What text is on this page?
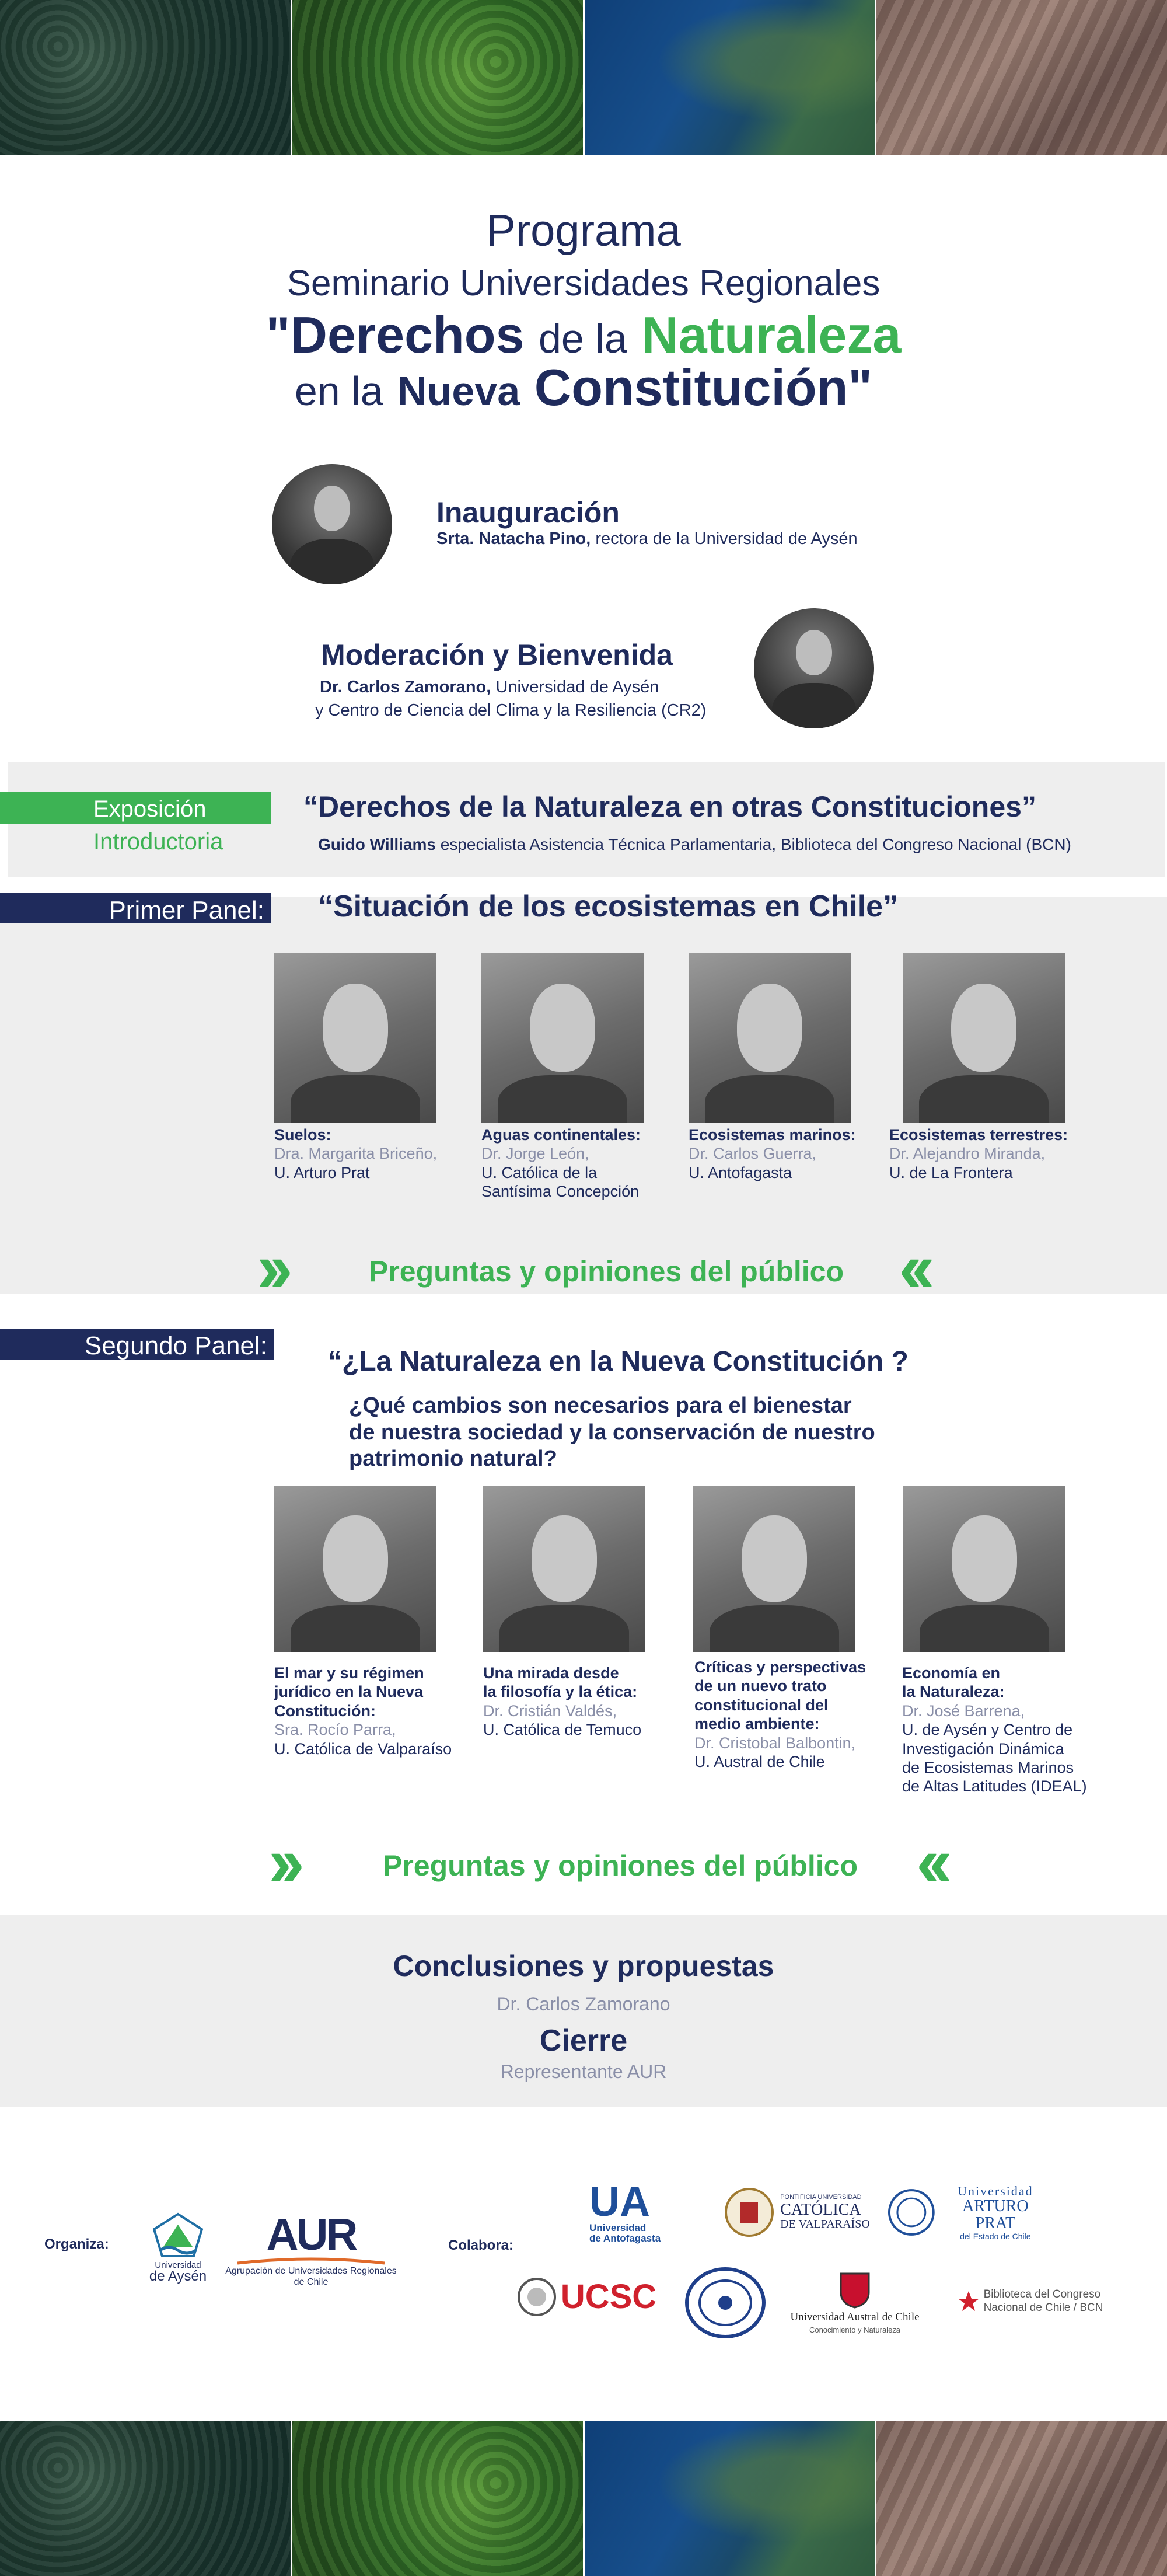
Programa
Seminario Universidades Regionales
"Derechos de la Naturaleza
en la Nueva Constitución"
Inauguración
Srta. Natacha Pino, rectora de la Universidad de Aysén
Moderación y Bienvenida
Dr. Carlos Zamorano, Universidad de Aysén
y Centro de Ciencia del Clima y la Resiliencia (CR2)
Exposición
Introductoria
“Derechos de la Naturaleza en otras Constituciones”
Guido Williams especialista Asistencia Técnica Parlamentaria, Biblioteca del Congreso Nacional (BCN)
Primer Panel: “Situación de los ecosistemas en Chile”
Suelos:
Dra. Margarita Briceño,
U. Arturo Prat
Aguas continentales:
Dr. Jorge León,
U. Católica de la
Santísima Concepción
Ecosistemas marinos:
Dr. Carlos Guerra,
U. Antofagasta
Ecosistemas terrestres:
Dr. Alejandro Miranda,
U. de La Frontera
››	Preguntas y opiniones del público ‹‹
Segundo Panel:
“¿La Naturaleza en la Nueva Constitución ?
¿Qué cambios son necesarios para el bienestar
de nuestra sociedad y la conservación de nuestro
patrimonio natural?
El mar y su régimen
jurídico en la Nueva
Constitución:
Sra. Rocío Parra,
U. Católica de Valparaíso
Una mirada desde
la filosofía y la ética:
Dr. Cristián Valdés,
U. Católica de Temuco
Críticas y perspectivas
de un nuevo trato
constitucional del
medio ambiente:
Dr. Cristobal Balbontin,
U. Austral de Chile
Economía en
la Naturaleza:
Dr. José Barrena,
U. de Aysén y Centro de
Investigación Dinámica
de Ecosistemas Marinos
de Altas Latitudes (IDEAL)
››	Preguntas y opiniones del público ‹‹
Conclusiones y propuestas
Dr. Carlos Zamorano
Cierre
Representante AUR
Organiza:
Universidad
de Aysén
AUR
Agrupación de Universidades Regionales
de Chile
Colabora:
UA
Universidad
de Antofagasta
PONTIFICIA UNIVERSIDAD
CATÓLICA
DE VALPARAÍSO
Universidad
ARTURO PRAT
del Estado de Chile
UCSC
Universidad Austral de Chile
Conocimiento y Naturaleza
Biblioteca del Congreso
Nacional de Chile / BCN
